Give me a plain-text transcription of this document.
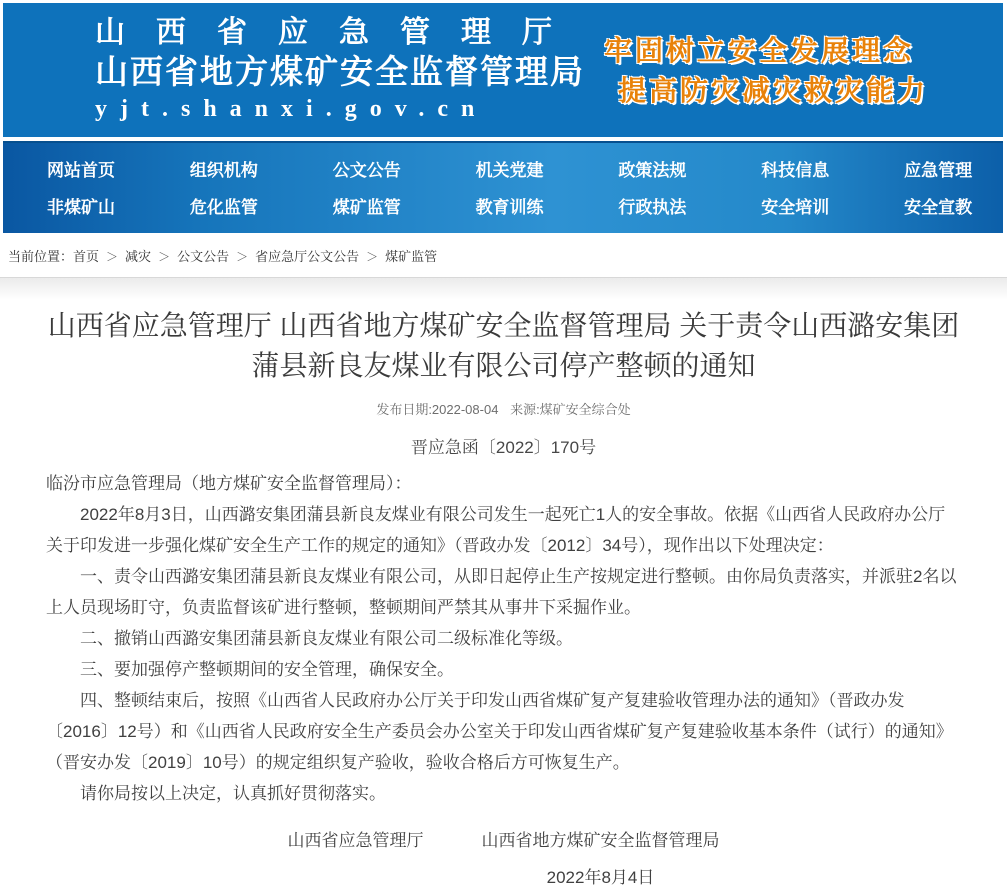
山西省应急管理厅
山西省地方煤矿安全监督管理局
yjt.shanxi.gov.cn
牢固树立安全发展理念
提高防灾减灾救灾能力
网站首页	组织机构	公文公告	机关党建	政策法规	科技信息	应急管理
非煤矿山	危化监管	煤矿监管	教育训练	行政执法	安全培训	安全宣教
当前位置：首页 ＞ 减灾 ＞ 公文公告 ＞ 省应急厅公文公告 ＞ 煤矿监管
山西省应急管理厅 山西省地方煤矿安全监督管理局 关于责令山西潞安集团蒲县新良友煤业有限公司停产整顿的通知
发布日期:2022-08-04 来源:煤矿安全综合处
晋应急函〔2022〕170号

临汾市应急管理局（地方煤矿安全监督管理局）：

2022年8月3日，山西潞安集团蒲县新良友煤业有限公司发生一起死亡1人的安全事故。依据《山西省人民政府办公厅关于印发进一步强化煤矿安全生产工作的规定的通知》（晋政办发〔2012〕34号），现作出以下处理决定：

一、责令山西潞安集团蒲县新良友煤业有限公司，从即日起停止生产按规定进行整顿。由你局负责落实，并派驻2名以上人员现场盯守，负责监督该矿进行整顿，整顿期间严禁其从事井下采掘作业。

二、撤销山西潞安集团蒲县新良友煤业有限公司二级标准化等级。

三、要加强停产整顿期间的安全管理，确保安全。

四、整顿结束后，按照《山西省人民政府办公厅关于印发山西省煤矿复产复建验收管理办法的通知》（晋政办发〔2016〕12号）和《山西省人民政府安全生产委员会办公室关于印发山西省煤矿复产复建验收基本条件（试行）的通知》（晋安办发〔2019〕10号）的规定组织复产验收，验收合格后方可恢复生产。

请你局按以上决定，认真抓好贯彻落实。

山西省应急管理厅	山西省地方煤矿安全监督管理局
2022年8月4日
